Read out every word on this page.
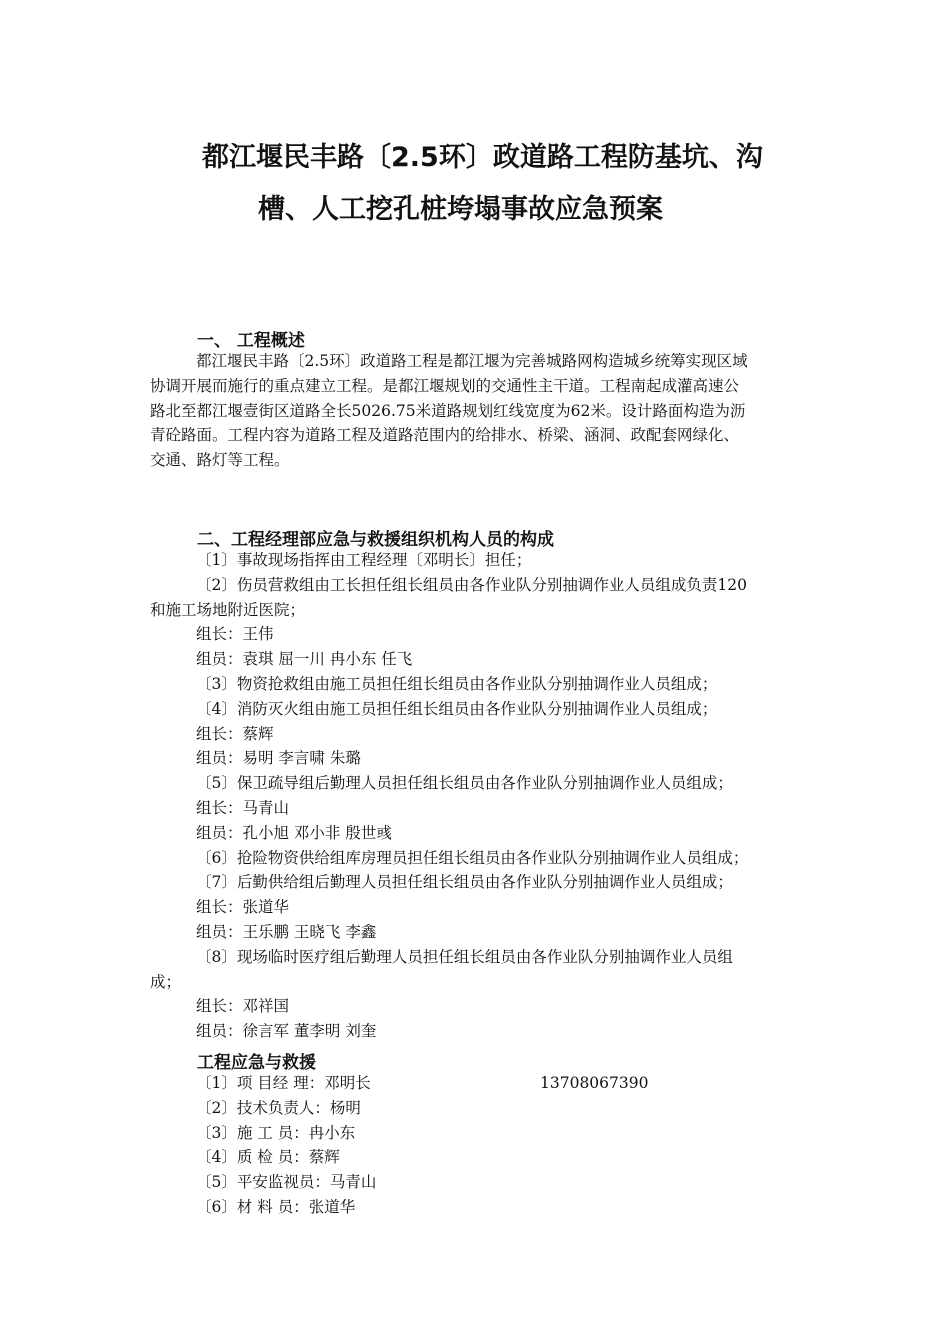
都江堰民丰路〔2.5环〕政道路工程防基坑、沟
槽、人工挖孔桩垮塌事故应急预案
一、 工程概述
都江堰民丰路〔2.5环〕政道路工程是都江堰为完善城路网构造城乡统筹实现区域
协调开展而施行的重点建立工程。是都江堰规划的交通性主干道。工程南起成灌高速公
路北至都江堰壹街区道路全长5026.75米道路规划红线宽度为62米。设计路面构造为沥
青砼路面。工程内容为道路工程及道路范围内的给排水、桥梁、涵洞、政配套网绿化、
交通、路灯等工程。
二、工程经理部应急与救援组织机构人员的构成
〔1〕事故现场指挥由工程经理〔邓明长〕担任；
〔2〕伤员营救组由工长担任组长组员由各作业队分别抽调作业人员组成负责120
和施工场地附近医院；
组长：王伟
组员：袁琪 屈一川 冉小东 任飞
〔3〕物资抢救组由施工员担任组长组员由各作业队分别抽调作业人员组成；
〔4〕消防灭火组由施工员担任组长组员由各作业队分别抽调作业人员组成；
组长：蔡辉
组员：易明 李言啸 朱璐
〔5〕保卫疏导组后勤理人员担任组长组员由各作业队分别抽调作业人员组成；
组长：马青山
组员：孔小旭 邓小非 殷世彧
〔6〕抢险物资供给组库房理员担任组长组员由各作业队分别抽调作业人员组成；
〔7〕后勤供给组后勤理人员担任组长组员由各作业队分别抽调作业人员组成；
组长：张道华
组员：王乐鹏 王晓飞 李鑫
〔8〕现场临时医疗组后勤理人员担任组长组员由各作业队分别抽调作业人员组
成；
组长：邓祥国
组员：徐言军 董李明 刘奎
工程应急与救援
〔1〕项 目经 理：邓明长
〔2〕技术负责人：杨明
〔3〕施 工 员：冉小东
〔4〕质 检 员：蔡辉
〔5〕平安监视员：马青山
〔6〕材 料 员：张道华
13708067390
